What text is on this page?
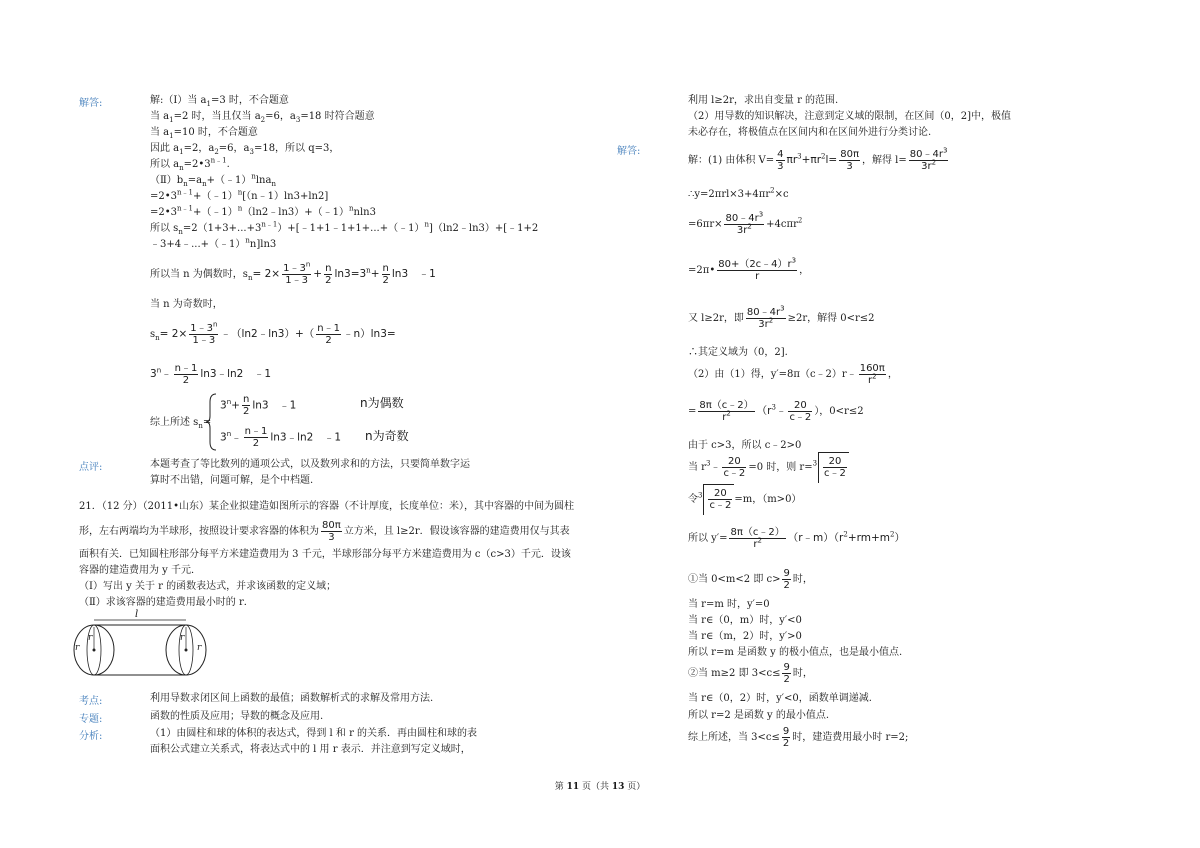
解答:	解:（Ⅰ）当 $a_1=3$ 时，不合题意
当 $a_1=2$ 时，当且仅当 $a_2=6$，$a_3=18$ 时符合题意
当 $a_1=10$ 时，不合题意
因此 $a_1=2$，$a_2=6$，$a_3=18$，所以 q=3，
所以 $a_n=2•3^{n﹣1}$.
$(Ⅱ)b_n=a_n+(﹣1)^n\ln a_n$
$=2•3^{n﹣1}+(﹣1)^n[(n﹣1)\ln 3+\ln 2]$
$=2•3^{n﹣1}+(﹣1)^n(\ln 2﹣\ln 3)+(﹣1)^nnln3$
所以 $s_n=2(1+3+...+3^{n﹣1})+[﹣1+1﹣1+1+...+(﹣1)^n](\ln 2﹣\ln 3)+[﹣1+2$
﹣3+4﹣...+（﹣1）$^n$n]ln3
所以当 n 为偶数时，$s_n= 2\times \frac{1﹣3^n}{1﹣3} + \frac{n}{2} \ln 3=3^n+ \frac{n}{2} \ln 3$　﹣1
当 n 为奇数时，
$s_n= 2\times \frac{1﹣3^n}{1﹣3}$ ﹣（ln2﹣ln3）+（ $\frac{n﹣1}{2}$ ﹣n）ln3=
$3^n﹣ \frac{n﹣1}{2}$ ln3﹣ln2　﹣1
综上所述 $s_n=$
$3^n+ \frac{n}{2} \ln 3$　﹣1	n为偶数
3$^n$﹣ $\frac{n﹣1}{2}$ ln3﹣ln2　﹣1 n为奇数
点评:	本题考查了等比数列的通项公式，以及数列求和的方法，只要简单数字运
算时不出错，问题可解，是个中档题.
21．（12 分）（2011•山东）某企业拟建造如图所示的容器（不计厚度，长度单位：米），其中容器的中间为圆柱
形，左右两端均为半球形，按照设计要求容器的体积为 $\frac{80\pi}{3}$ 立方米，且 l≥2r．假设该容器的建造费用仅与其表
面积有关．已知圆柱形部分每平方米建造费用为 3 千元，半球形部分每平方米建造费用为 c（c>3）千元．设该
容器的建造费用为 y 千元．
（Ⅰ）写出 y 关于 r 的函数表达式，并求该函数的定义域；
（Ⅱ）求该容器的建造费用最小时的 r．
l
r
r	r
r
考点:	利用导数求闭区间上函数的最值；函数解析式的求解及常用方法.
专题:	函数的性质及应用；导数的概念及应用.
分析:	（1）由圆柱和球的体积的表达式，得到 l 和 r 的关系．再由圆柱和球的表
面积公式建立关系式，将表达式中的 l 用 r 表示．并注意到写定义域时，
利用 l≥2r，求出自变量 r 的范围.
（2）用导数的知识解决，注意到定义域的限制，在区间（0，2]中，极值
未必存在，将极值点在区间内和在区间外进行分类讨论.
解答:
解：(1) 由体积 $V= \frac{4}{3} \pi r^3+\pi r^2l= \frac{80\pi}{3}$ ，解得 $l= \frac{80﹣4r^3}{3r^2}$
$\therefore y=2\pi rl\times 3+4\pi r^2\times c$
$=6\pi r\times \frac{80﹣4r^3}{3r^2} +4c\pi r^2$
=2π• $\frac{80+(2c﹣4)r^3}{r}$ ，
又 l≥2r，即 $\frac{80﹣4r^3}{3r^2} \ge 2r$，解得 0<r≤2
∴其定义域为（0，2].
（2）由（1）得，y′=8π（c﹣2）r﹣ $\frac{160\pi}{r^2}$ ，
= $\frac{8\pi(c﹣2)}{r^2}$ （$r^3﹣ \frac{20}{c﹣2}$ ），0<r≤2
由于 c>3，所以 c﹣2>0
当 $r^3﹣ \frac{20}{c﹣2} =0$ 时，则 $r=^3 \frac{20}{c﹣2}$
令$^3 \frac{20}{c﹣2} =m$，（m>0）
所以 $y'= \frac{8\pi(c﹣2)}{r^2}$ $(r﹣m)(r^2+rm+m^2)$
①当 0<m<2 即 $c> \frac{9}{2}$ 时，
当 r=m 时，y′=0
当 r∈（0，m）时，y′<0
当 r∈（m，2）时，y′>0
所以 r=m 是函数 y 的极小值点，也是最小值点.
②当 m≥2 即 $3<c\le \frac{9}{2}$ 时，
当 r∈（0，2）时，y′<0，函数单调递减.
所以 r=2 是函数 y 的最小值点.
综上所述，当 $3<c\le \frac{9}{2}$ 时，建造费用最小时 r=2;
第 11 页（共 13 页）
